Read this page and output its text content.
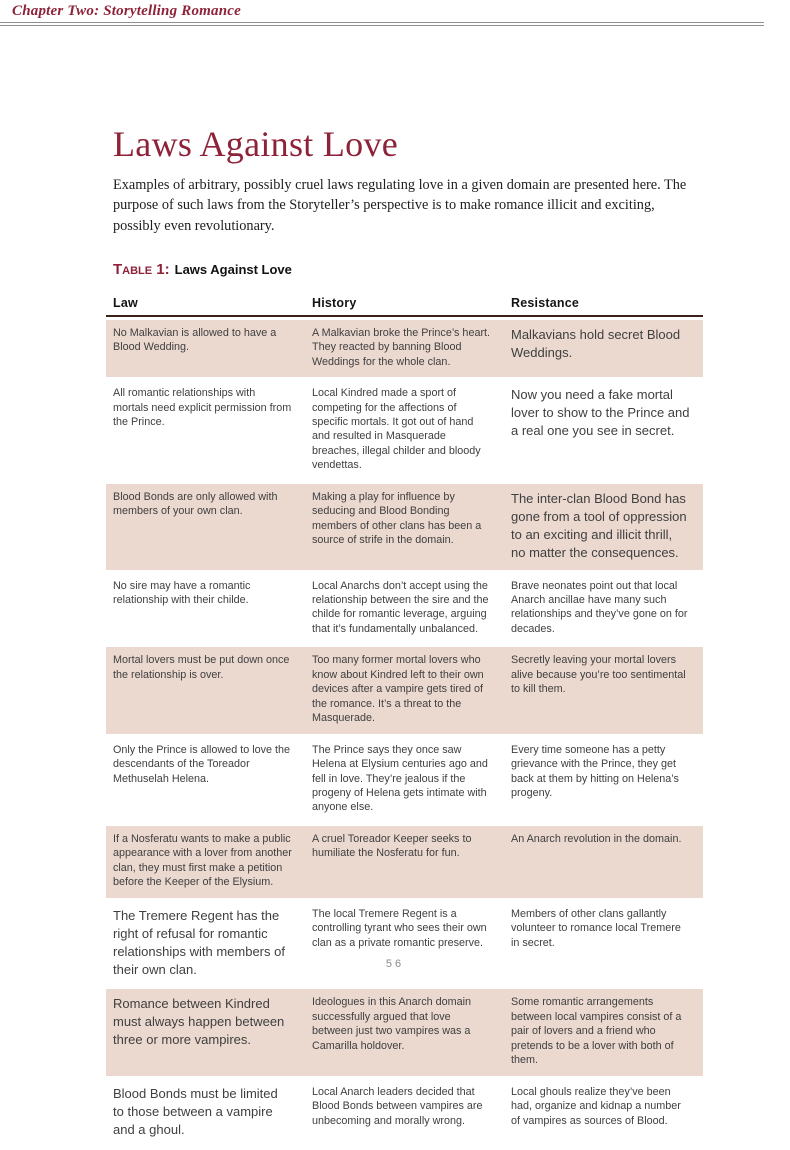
Chapter Two: Storytelling Romance
Laws Against Love

Examples of arbitrary, possibly cruel laws regulating love in a given domain are presented here. The purpose of such laws from the Storyteller’s perspective is to make romance illicit and exciting, possibly even revolutionary.

Table 1: Laws Against Love
Law	History	Resistance
No Malkavian is allowed to have a Blood Wedding.	A Malkavian broke the Prince’s heart. They reacted by banning Blood Weddings for the whole clan.	Malkavians hold secret Blood Weddings.
All romantic relationships with mortals need explicit permission from the Prince.	Local Kindred made a sport of competing for the affections of specific mortals. It got out of hand and resulted in Masquerade breaches, illegal childer and bloody vendettas.	Now you need a fake mortal lover to show to the Prince and a real one you see in secret.
Blood Bonds are only allowed with members of your own clan.	Making a play for influence by seducing and Blood Bonding members of other clans has been a source of strife in the domain.	The inter-clan Blood Bond has gone from a tool of oppression to an exciting and illicit thrill, no matter the consequences.
No sire may have a romantic relationship with their childe.	Local Anarchs don’t accept using the relationship between the sire and the childe for romantic leverage, arguing that it’s fundamentally unbalanced.	Brave neonates point out that local Anarch ancillae have many such relationships and they’ve gone on for decades.
Mortal lovers must be put down once the relationship is over.	Too many former mortal lovers who know about Kindred left to their own devices after a vampire gets tired of the romance. It’s a threat to the Masquerade.	Secretly leaving your mortal lovers alive because you’re too sentimental to kill them.
Only the Prince is allowed to love the descendants of the Toreador Methuselah Helena.	The Prince says they once saw Helena at Elysium centuries ago and fell in love. They’re jealous if the progeny of Helena gets intimate with anyone else.	Every time someone has a petty grievance with the Prince, they get back at them by hitting on Helena’s progeny.
If a Nosferatu wants to make a public appearance with a lover from another clan, they must first make a petition before the Keeper of the Elysium.	A cruel Toreador Keeper seeks to humiliate the Nosferatu for fun.	An Anarch revolution in the domain.
The Tremere Regent has the right of refusal for romantic relationships with members of their own clan.	The local Tremere Regent is a controlling tyrant who sees their own clan as a private romantic preserve.	Members of other clans gallantly volunteer to romance local Tremere in secret.
Romance between Kindred must always happen between three or more vampires.	Ideologues in this Anarch domain successfully argued that love between just two vampires was a Camarilla holdover.	Some romantic arrangements between local vampires consist of a pair of lovers and a friend who pretends to be a lover with both of them.
Blood Bonds must be limited to those between a vampire and a ghoul.	Local Anarch leaders decided that Blood Bonds between vampires are unbecoming and morally wrong.	Local ghouls realize they’ve been had, organize and kidnap a number of vampires as sources of Blood.
56
